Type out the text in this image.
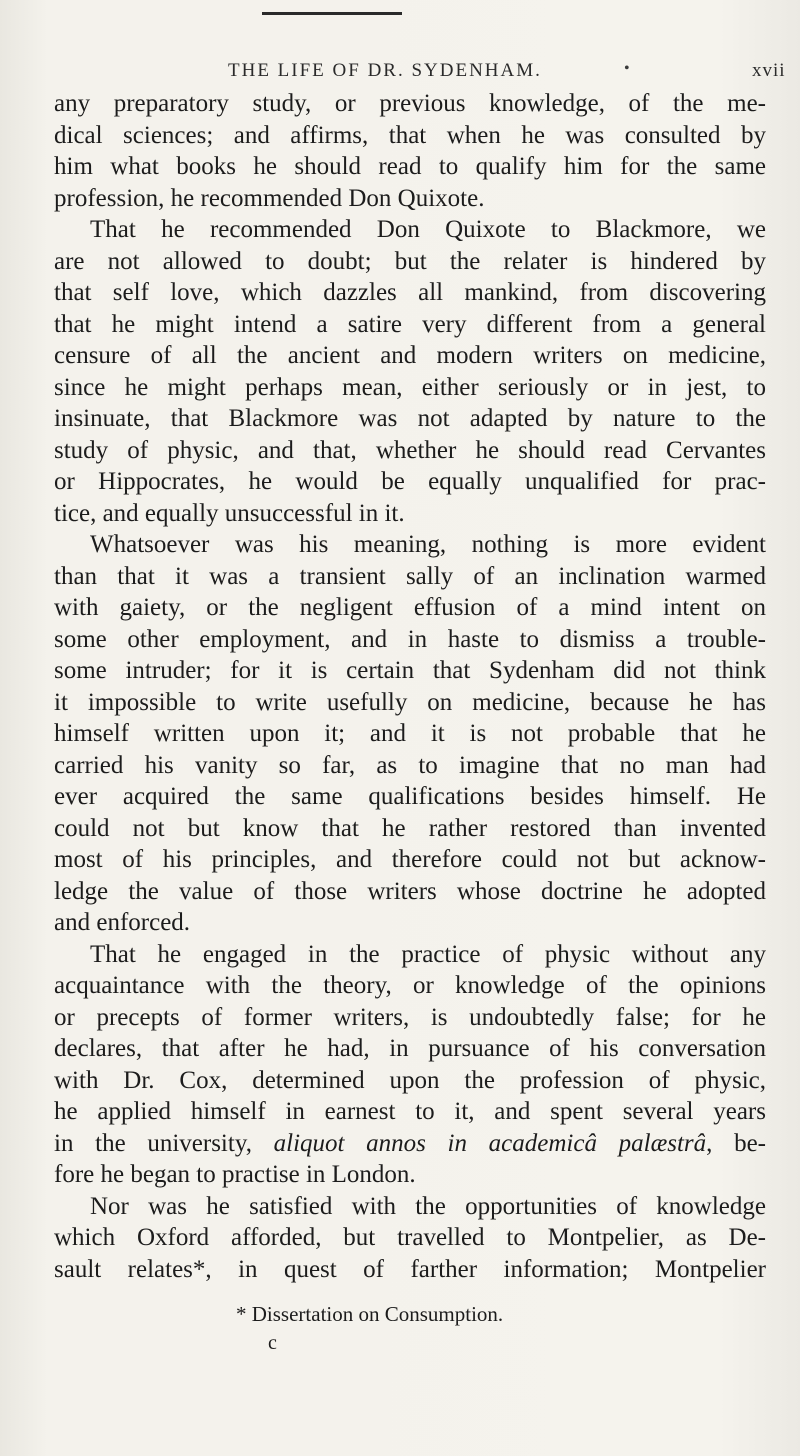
THE LIFE OF DR. SYDENHAM.	•	xvii
any preparatory study, or previous knowledge, of the me-
dical sciences; and affirms, that when he was consulted by
him what books he should read to qualify him for the same
profession, he recommended Don Quixote.
That he recommended Don Quixote to Blackmore, we
are not allowed to doubt; but the relater is hindered by
that self love, which dazzles all mankind, from discovering
that he might intend a satire very different from a general
censure of all the ancient and modern writers on medicine,
since he might perhaps mean, either seriously or in jest, to
insinuate, that Blackmore was not adapted by nature to the
study of physic, and that, whether he should read Cervantes
or Hippocrates, he would be equally unqualified for prac-
tice, and equally unsuccessful in it.
Whatsoever was his meaning, nothing is more evident
than that it was a transient sally of an inclination warmed
with gaiety, or the negligent effusion of a mind intent on
some other employment, and in haste to dismiss a trouble-
some intruder; for it is certain that Sydenham did not think
it impossible to write usefully on medicine, because he has
himself written upon it; and it is not probable that he
carried his vanity so far, as to imagine that no man had
ever acquired the same qualifications besides himself. He
could not but know that he rather restored than invented
most of his principles, and therefore could not but acknow-
ledge the value of those writers whose doctrine he adopted
and enforced.
That he engaged in the practice of physic without any
acquaintance with the theory, or knowledge of the opinions
or precepts of former writers, is undoubtedly false; for he
declares, that after he had, in pursuance of his conversation
with Dr. Cox, determined upon the profession of physic,
he applied himself in earnest to it, and spent several years
in the university, aliquot annos in academicâ palæstrâ, be-
fore he began to practise in London.
Nor was he satisfied with the opportunities of knowledge
which Oxford afforded, but travelled to Montpelier, as De-
sault relates*, in quest of farther information; Montpelier
* Dissertation on Consumption.
c
